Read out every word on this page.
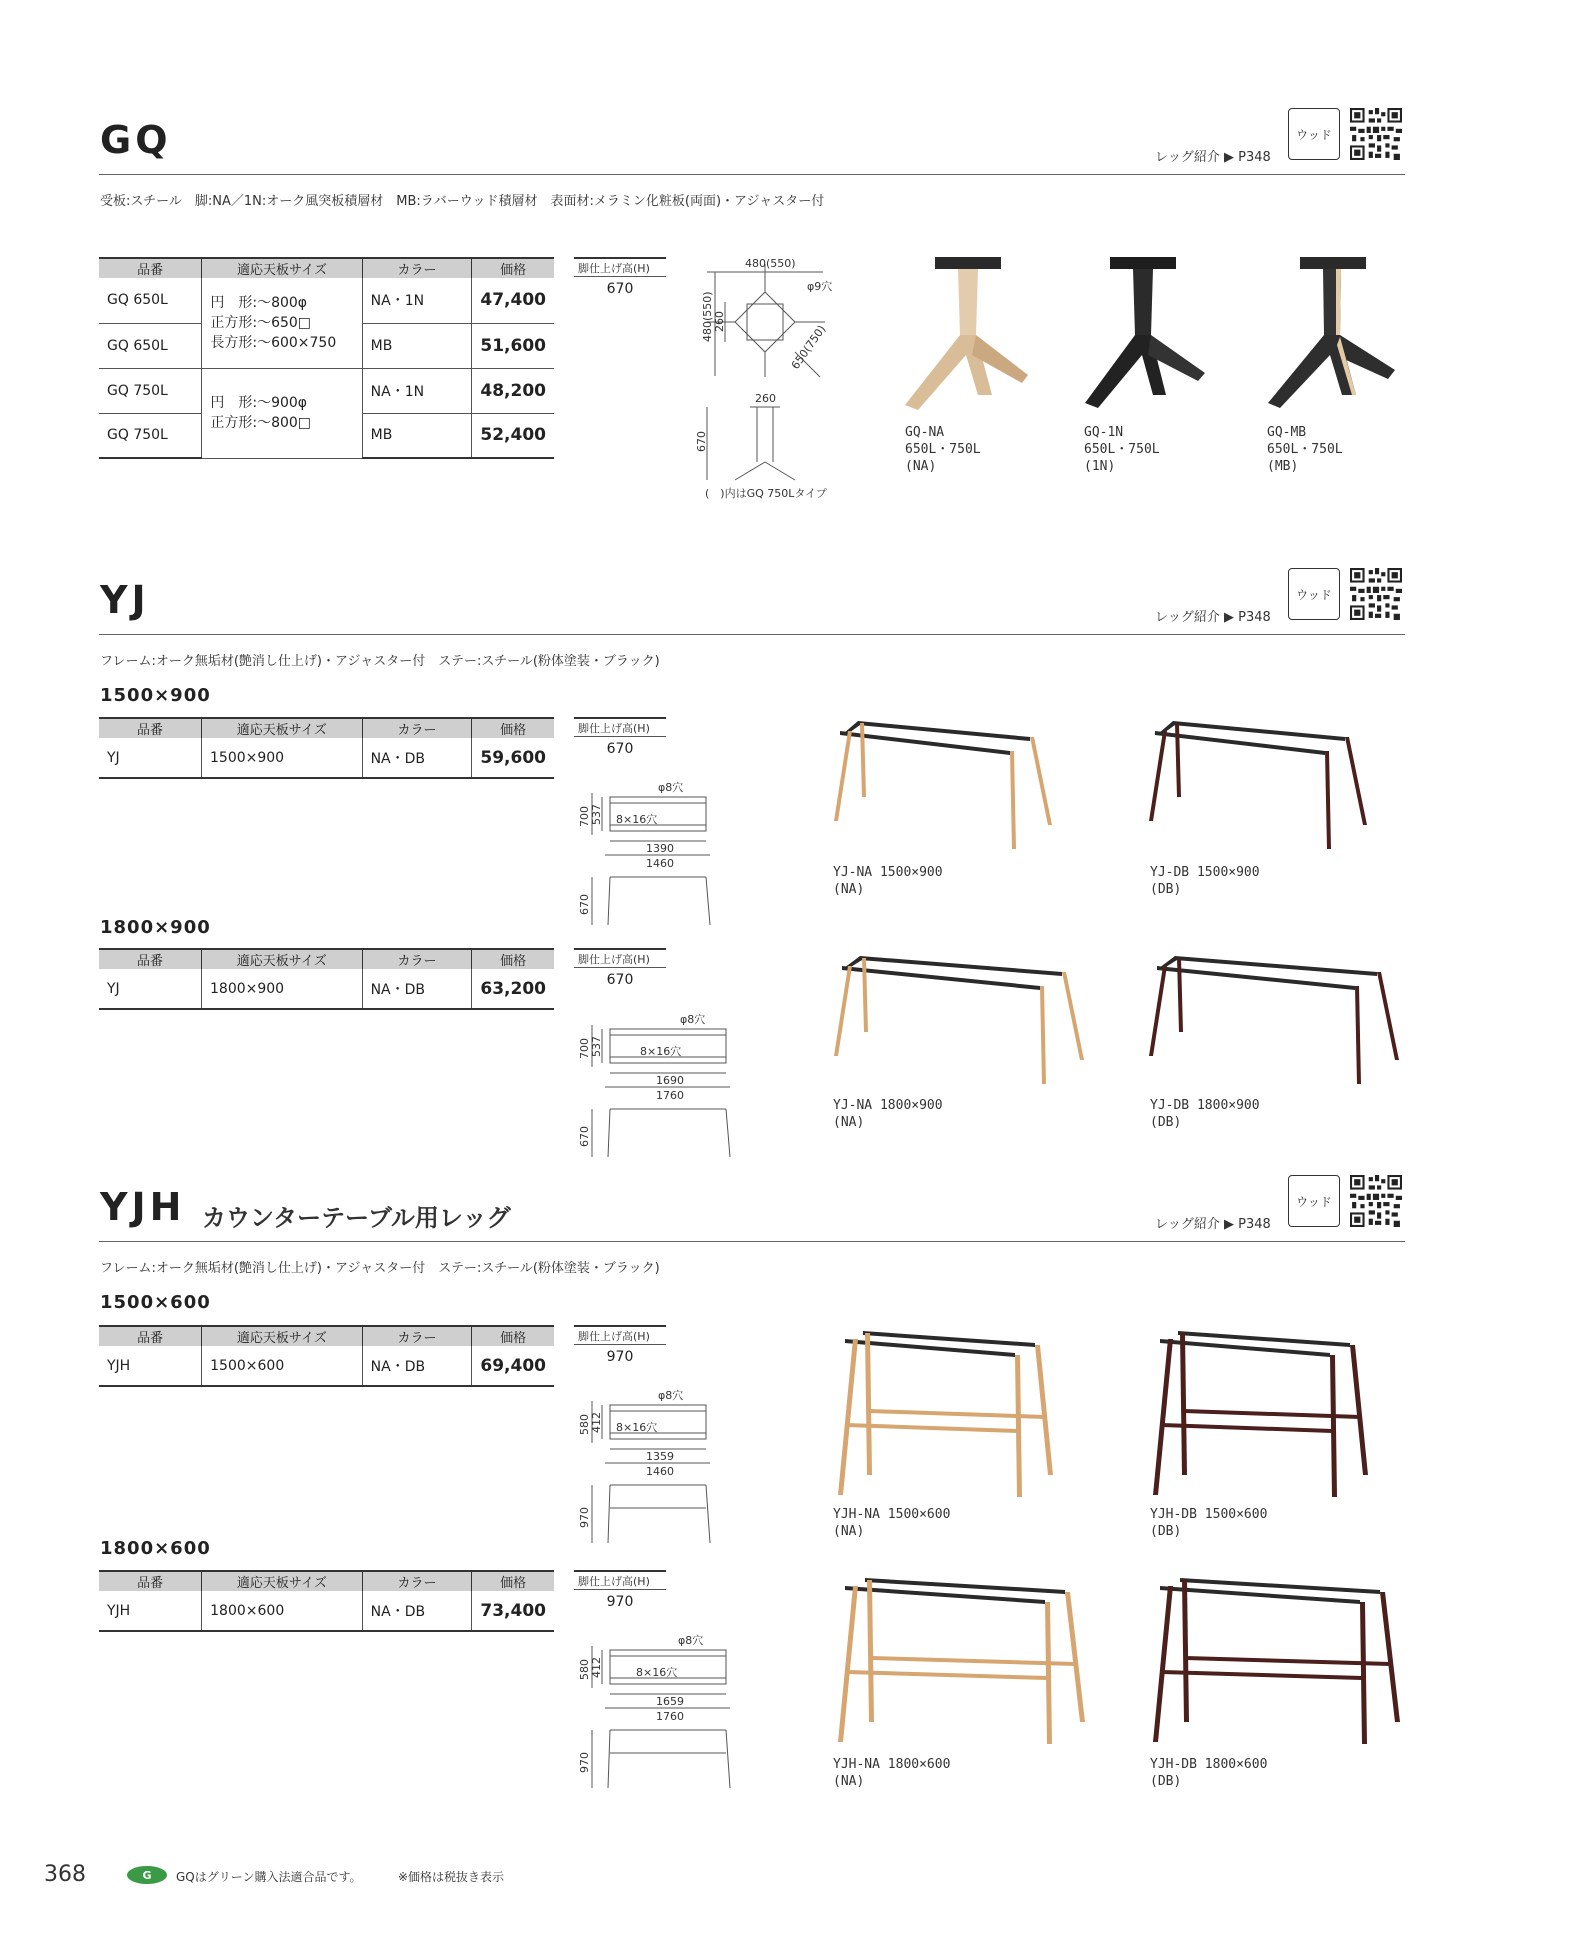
GQ	レッグ紹介 ▶ P348
ウッド
受板:スチール　脚:NA／1N:オーク風突板積層材　MB:ラバーウッド積層材　表面材:メラミン化粧板(両面)・アジャスター付
品番	適応天板サイズ	カラー	価格
GQ 650L	円　形:～800φ
正方形:～650□
長方形:～600×750	NA・1N	47,400
GQ 650L		MB	51,600
GQ 750L	円　形:～900φ
正方形:～800□	NA・1N	48,200
GQ 750L		MB	52,400
脚仕上げ高(H)
670
480(550)
480(550) 260
φ9穴
650(750)
260
670
(　)内はGQ 750Lタイプ
GQ-NA
650L・750L
(NA)
GQ-1N
650L・750L
(1N)
GQ-MB
650L・750L
(MB)
YJ	レッグ紹介 ▶ P348
ウッド
フレーム:オーク無垢材(艶消し仕上げ)・アジャスター付　ステー:スチール(粉体塗装・ブラック)
1500×900
品番	適応天板サイズ	カラー	価格
YJ	1500×900	NA・DB	59,600
脚仕上げ高(H)
670
φ8穴
8×16穴
700 537
1390
1460
670
YJ-NA 1500×900
(NA)
YJ-DB 1500×900
(DB)
1800×900
品番	適応天板サイズ	カラー	価格
YJ	1800×900	NA・DB	63,200
脚仕上げ高(H)
670
φ8穴
8×16穴
700 537
1690
1760
670
YJ-NA 1800×900
(NA)
YJ-DB 1800×900
(DB)
YJH カウンターテーブル用レッグ	レッグ紹介 ▶ P348
ウッド
フレーム:オーク無垢材(艶消し仕上げ)・アジャスター付　ステー:スチール(粉体塗装・ブラック)
1500×600
品番	適応天板サイズ	カラー	価格
YJH	1500×600	NA・DB	69,400
脚仕上げ高(H)
970
φ8穴
8×16穴
580 412
1359
1460
970	YJH-NA 1500×600
(NA)
YJH-DB 1500×600
(DB)
1800×600
品番	適応天板サイズ	カラー	価格
YJH	1800×600	NA・DB	73,400
脚仕上げ高(H)
970
φ8穴
8×16穴
580 412
1659
1760
970	YJH-NA 1800×600
(NA)
YJH-DB 1800×600
(DB)
368	G GQはグリーン購入法適合品です。	※価格は税抜き表示
